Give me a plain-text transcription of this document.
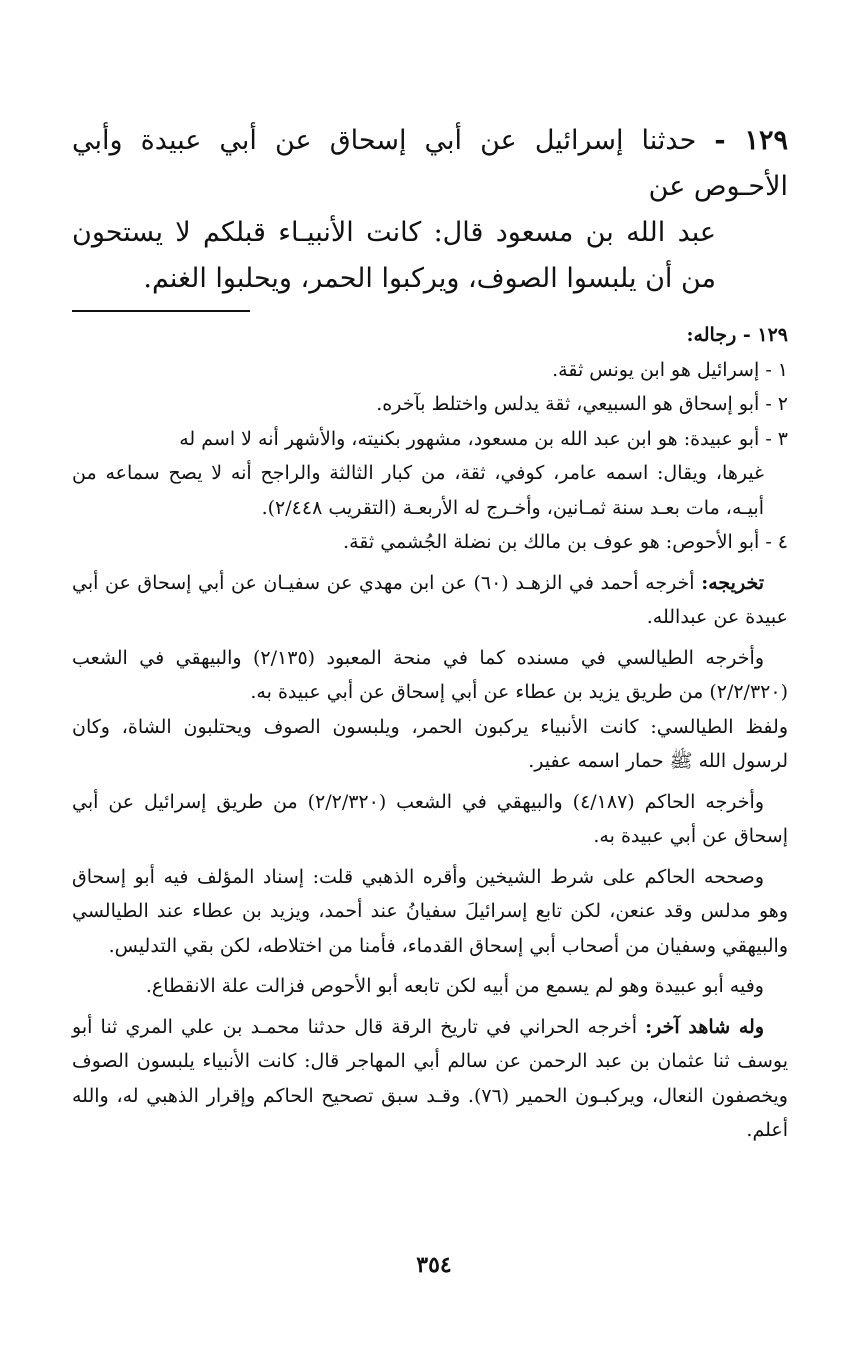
١٢٩ - حدثنا إسرائيل عن أبي إسحاق عن أبي عبيدة وأبي الأحـوص عن
عبد الله بن مسعود قال: كانت الأنبيـاء قبلكم لا يستحون من أن يلبسوا الصوف، ويركبوا الحمر، ويحلبوا الغنم.

١٢٩ - رجاله:

١ - إسرائيل هو ابن يونس ثقة.

٢ - أبو إسحاق هو السبيعي، ثقة يدلس واختلط بآخره.

٣ - أبو عبيدة: هو ابن عبد الله بن مسعود، مشهور بكنيته، والأشهر أنه لا اسم له
غيرها، ويقال: اسمه عامر، كوفي، ثقة، من كبار الثالثة والراجح أنه لا يصح سماعه من أبيـه، مات بعـد سنة ثمـانين، وأخـرج له الأربعـة (التقريب ٢/٤٤٨).

٤ - أبو الأحوص: هو عوف بن مالك بن نضلة الجُشمي ثقة.

تخريجه: أخرجه أحمد في الزهـد (٦٠) عن ابن مهدي عن سفيـان عن أبي إسحاق عن أبي عبيدة عن عبدالله.

وأخرجه الطيالسي في مسنده كما في منحة المعبود (٢/١٣٥) والبيهقي في الشعب (٢/٢/٣٢٠) من طريق يزيد بن عطاء عن أبي إسحاق عن أبي عبيدة به.

ولفظ الطيالسي: كانت الأنبياء يركبون الحمر، ويلبسون الصوف ويحتلبون الشاة، وكان لرسول الله ﷺ حمار اسمه عفير.

وأخرجه الحاكم (٤/١٨٧) والبيهقي في الشعب (٢/٢/٣٢٠) من طريق إسرائيل عن أبي إسحاق عن أبي عبيدة به.

وصححه الحاكم على شرط الشيخين وأقره الذهبي قلت: إسناد المؤلف فيه أبو إسحاق وهو مدلس وقد عنعن، لكن تابع إسرائيلَ سفيانُ عند أحمد، ويزيد بن عطاء عند الطيالسي والبيهقي وسفيان من أصحاب أبي إسحاق القدماء، فأمنا من اختلاطه، لكن بقي التدليس.

وفيه أبو عبيدة وهو لم يسمع من أبيه لكن تابعه أبو الأحوص فزالت علة الانقطاع.

وله شاهد آخر: أخرجه الحراني في تاريخ الرقة قال حدثنا محمـد بن علي المري ثنا أبو يوسف ثنا عثمان بن عبد الرحمن عن سالم أبي المهاجر قال: كانت الأنبياء يلبسون الصوف ويخصفون النعال، ويركبـون الحمير (٧٦). وقـد سبق تصحيح الحاكم وإقرار الذهبي له، والله أعلم.

٣٥٤
